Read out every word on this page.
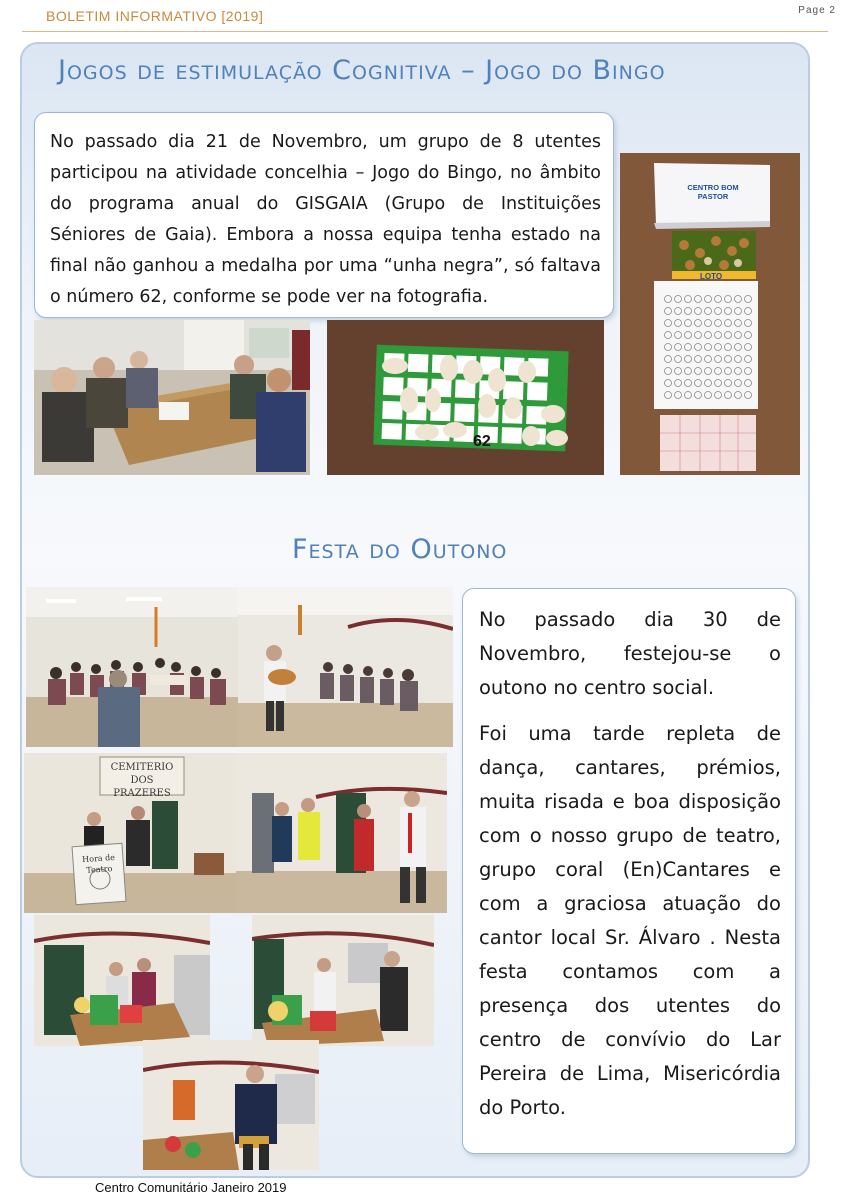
BOLETIM INFORMATIVO [2019]	Page 2
Jogos de estimulação Cognitiva – Jogo do Bingo

No passado dia 21 de Novembro, um grupo de 8 utentes participou na atividade concelhia – Jogo do Bingo, no âmbito do programa anual do GISGAIA (Grupo de Instituições Séniores de Gaia). Embora a nossa equipa tenha estado na final não ganhou a medalha por uma “unha negra”, só faltava o número 62, conforme se pode ver na fotografia.

62
LOTO
CENTRO BOM PASTOR
Festa do Outono
CEMITERIO DOS PRAZERES
Hora de Teatro

No passado dia 30 de Novembro, festejou-se o outono no centro social.

Foi uma tarde repleta de dança, cantares, prémios, muita risada e boa disposição com o nosso grupo de teatro, grupo coral (En)Cantares e com a graciosa atuação do cantor local Sr. Álvaro . Nesta festa contamos com a presença dos utentes do centro de convívio do Lar Pereira de Lima, Misericórdia do Porto.

Centro Comunitário Janeiro 2019
